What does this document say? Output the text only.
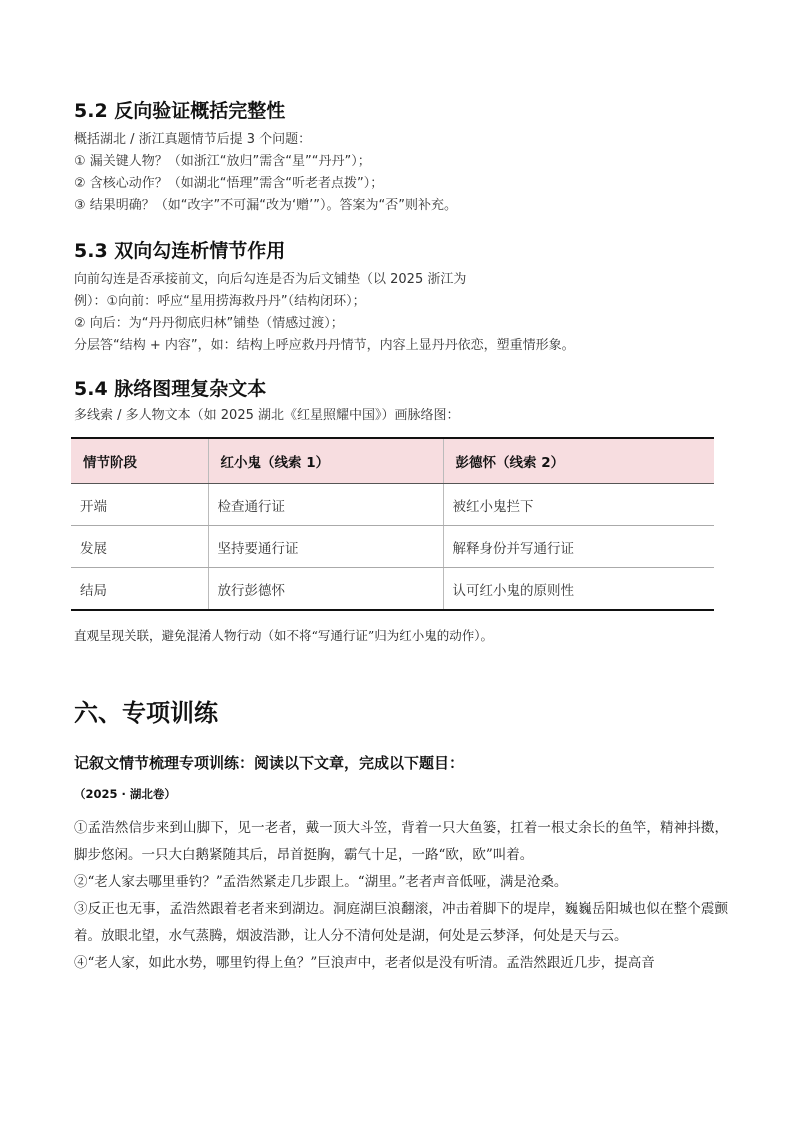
5.2 反向验证概括完整性

概括湖北 / 浙江真题情节后提 3 个问题：

① 漏关键人物？（如浙江“放归”需含“星”“丹丹”）；

② 含核心动作？（如湖北“悟理”需含“听老者点拨”）；

③ 结果明确？（如“改字”不可漏“改为‘赠’”）。答案为“否”则补充。

5.3 双向勾连析情节作用

向前勾连是否承接前文，向后勾连是否为后文铺垫（以 2025 浙江为

例）：①向前：呼应“星用捞海救丹丹”（结构闭环）；

② 向后：为“丹丹彻底归林”铺垫（情感过渡）；

分层答“结构 + 内容”，如：结构上呼应救丹丹情节，内容上显丹丹依恋，塑重情形象。

5.4 脉络图理复杂文本

多线索 / 多人物文本（如 2025 湖北《红星照耀中国》）画脉络图：

情节阶段	红小鬼（线索 1）	彭德怀（线索 2）
开端	检查通行证	被红小鬼拦下
发展	坚持要通行证	解释身份并写通行证
结局	放行彭德怀	认可红小鬼的原则性

直观呈现关联，避免混淆人物行动（如不将“写通行证”归为红小鬼的动作）。

六、专项训练

记叙文情节梳理专项训练：阅读以下文章，完成以下题目：

（2025 · 湖北卷）

①孟浩然信步来到山脚下，见一老者，戴一顶大斗笠，背着一只大鱼篓，扛着一根丈余长的鱼竿，精神抖擞，脚步悠闲。一只大白鹅紧随其后，昂首挺胸，霸气十足，一路“欧，欧”叫着。

②“老人家去哪里垂钓？”孟浩然紧走几步跟上。“湖里。”老者声音低哑，满是沧桑。

③反正也无事，孟浩然跟着老者来到湖边。洞庭湖巨浪翻滚，冲击着脚下的堤岸，巍巍岳阳城也似在整个震颤着。放眼北望，水气蒸腾，烟波浩渺，让人分不清何处是湖，何处是云梦泽，何处是天与云。

④“老人家，如此水势，哪里钓得上鱼？”巨浪声中，老者似是没有听清。孟浩然跟近几步，提高音
